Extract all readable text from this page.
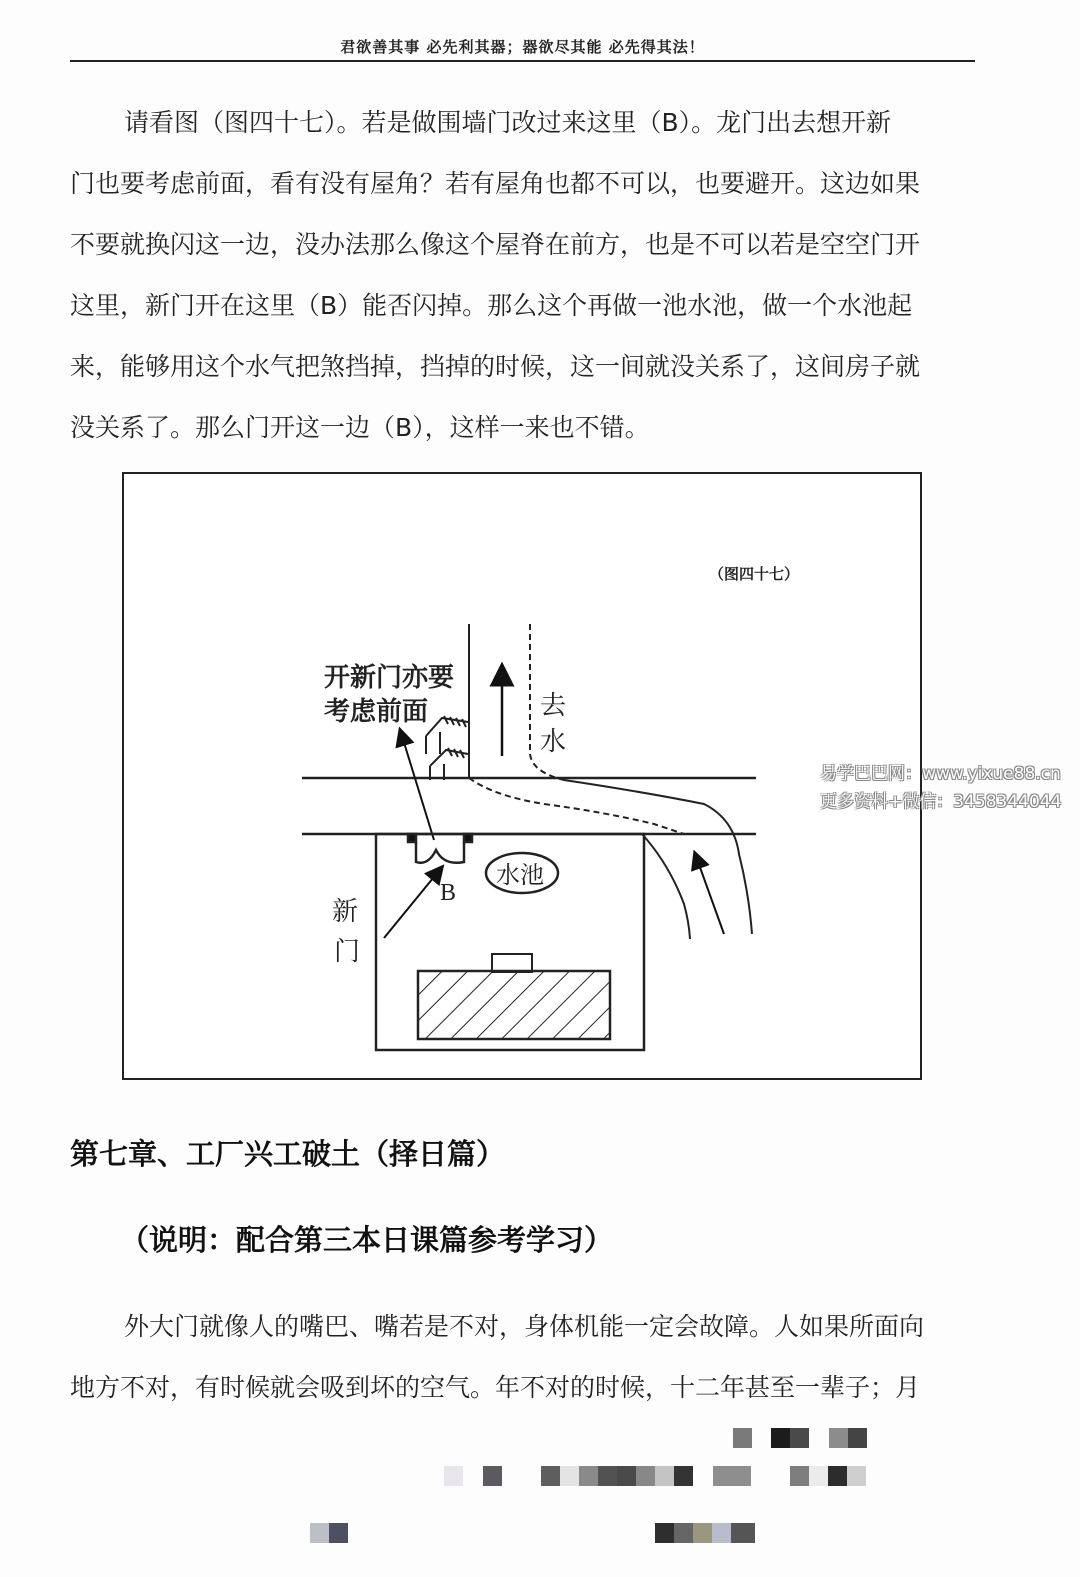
君欲善其事 必先利其器；器欲尽其能 必先得其法！
请看图（图四十七）。若是做围墙门改过来这里（B）。龙门出去想开新
门也要考虑前面，看有没有屋角？若有屋角也都不可以，也要避开。这边如果
不要就换闪这一边，没办法那么像这个屋脊在前方，也是不可以若是空空门开
这里，新门开在这里（B）能否闪掉。那么这个再做一池水池，做一个水池起
来，能够用这个水气把煞挡掉，挡掉的时候，这一间就没关系了，这间房子就
没关系了。那么门开这一边（B），这样一来也不错。
（图四十七）
开新门亦要
考虑前面	去
水
水池
B
新
门
易学巴巴网：www.yixue88.cn
更多资料+微信：3458344044
第七章、工厂兴工破土（择日篇）
（说明：配合第三本日课篇参考学习）
外大门就像人的嘴巴、嘴若是不对，身体机能一定会故障。人如果所面向
地方不对，有时候就会吸到坏的空气。年不对的时候，十二年甚至一辈子；月
